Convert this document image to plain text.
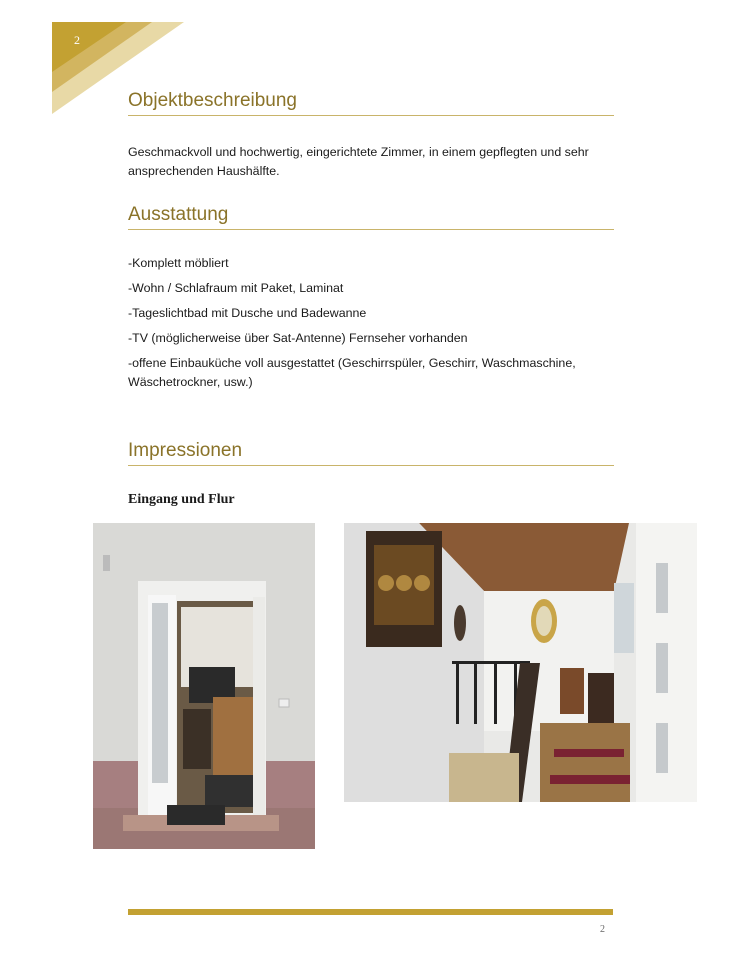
2
Objektbeschreibung
Geschmackvoll und hochwertig, eingerichtete Zimmer, in einem gepflegten und sehr ansprechenden Haushälfte.
Ausstattung
-Komplett möbliert
-Wohn / Schlafraum mit Paket, Laminat
-Tageslichtbad mit Dusche und Badewanne
-TV (möglicherweise über Sat-Antenne) Fernseher vorhanden
-offene Einbauküche voll ausgestattet (Geschirrspüler, Geschirr, Waschmaschine, Wäschetrockner, usw.)
Impressionen
Eingang und Flur
2
